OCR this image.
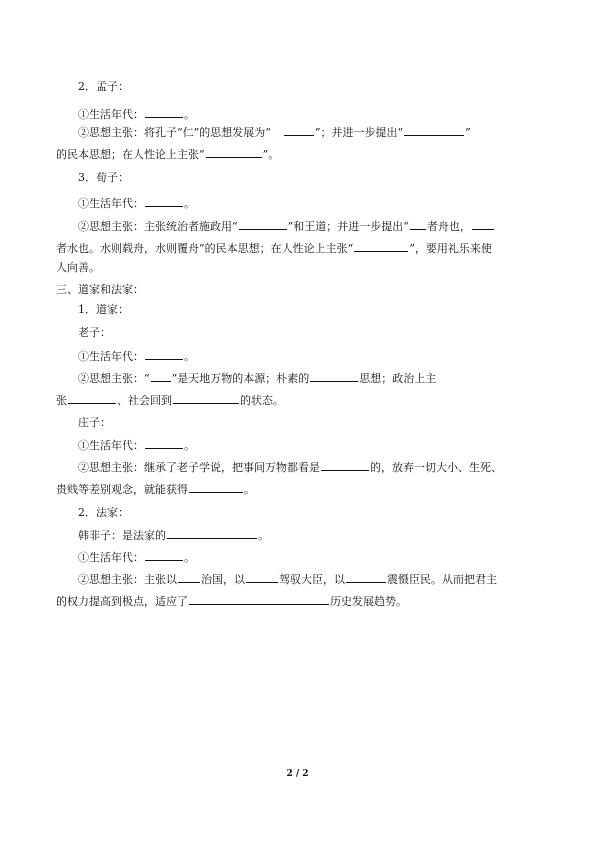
2．孟子：
①生活年代：	。
②思想主张：将孔子“仁”的思想发展为“	”；并进一步提出“	”
的民本思想；在人性论上主张“	”。
3．荀子：
①生活年代：	。
②思想主张：主张统治者施政用“	”和王道；并进一步提出“ 者舟也，
者水也。水则载舟，水则覆舟”的民本思想；在人性论上主张“	”，要用礼乐来使
人向善。
三、道家和法家：
1．道家：
老子：
①生活年代：	。
②思想主张：“ ”是天地万物的本源；朴素的	思想；政治上主
张	、社会回到	的状态。
庄子：
①生活年代：	。
②思想主张：继承了老子学说，把事间万物都看是	的，放弃一切大小、生死、
贵贱等差别观念，就能获得	。
2．法家：
韩非子：是法家的	。
①生活年代：	。
②思想主张：主张以 治国，以	驾驭大臣，以	震慑臣民。从而把君主
的权力提高到极点，适应了	历史发展趋势。
2 / 2
